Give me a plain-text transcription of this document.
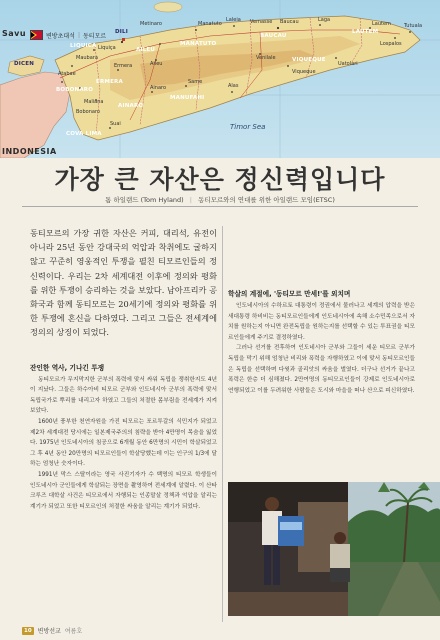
DILI
LIQUICA
AILEU
MANATUTO
BAUCAU
LAUTEM
VIQUEQUE
MANUFAHI
AINARO
BOBONARO
ERMERA
COVA LIMA
DICEN
Maubara
Liquiça
Metinaro	Manatuto
Laleia Vemasse Baucau	Laga
Lautem
Lospalos
Viqueque
Uatolari
Same
Ainaro
Maliana
Suai
Atabae
Ermera	Aileu
Tutuala
Venilale
Alas
Bobonaro
Savu
INDONESIA
Timor Sea
변방초대석 | 동티모르
가장 큰 자산은 정신력입니다
톰 하일랜드 (Tom Hyland) | 동티모르와의 연대를 위한 아일랜드 모임(ETSC)

동티모르의 가장 귀한 자산은 커피, 대리석, 유전이 아니라 25년 동안 강대국의 억압과 착취에도 굴하지 않고 꾸준히 영웅적인 투쟁을 펼친 티모르인들의 정신력이다. 우리는 2차 세계대전 이후에 정의와 평화를 위한 투쟁이 승리하는 것을 보았다. 남아프리카 공화국과 함께 동티모르는 20세기에 정의와 평화를 위한 투쟁에 혼신을 다하였다. 그리고 그들은 전세계에 정의의 상징이 되었다.

잔인한 역사, 기나긴 투쟁

동티모르가 무지막지한 군부의 폭력에 맞서 싸워 독립을 쟁취한지도 4년이 지났다. 그들은 하수아비 티모르 군부와 인도네시아 군부의 폭력에 맞서 독립국가로 뿌리를 내리고자 하였고 그들의 처절한 몸부림을 전세계가 지켜보았다.

1600년 풍부한 천연자원을 가진 티모르는 포르투갈의 식민지가 되었고 제2차 세계대전 당시에는 일본제국주의의 침략을 받아 4만명이 목숨을 잃었다. 1975년 인도네시아의 침공으로 6개월 동안 6만명의 시민이 학살되었고 그 후 4년 동안 20만명의 티모르인들이 학살당했는데 이는 인구의 1/3에 달하는 엄청난 숫자이다.

1991년 막스 스탈이라는 영국 사진기자가 수 백명의 티모르 학생들이 인도네시아 군인들에게 학살되는 장면을 촬영하여 전세계에 알렸다. 이 산타크루즈 대학살 사건은 티모르에서 자행되는 인종말살 정책과 억압을 알리는 계기가 되었고 또한 티모르인의 처절한 싸움을 알리는 계기가 되었다.

학살의 계절에, '동티모르 만세!'를 외치며

인도네시아의 수하르토 대통령이 정권에서 물러나고 세계의 압력을 받은 새대통령 하비비는 동티모르인들에게 인도네시아에 속해 소수민족으로서 자치를 원하는지 아니면 완전독립을 원하는지를 선택할 수 있는 투표권을 티모르인들에게 주기로 결정하였다.

그러나 선거를 전후하여 인도네시아 군부와 그들이 세운 티모르 군부가 독립을 막기 위해 엄청난 비리와 폭력을 자행하였고 이에 맞서 동티모르인들은 독립을 선택하며 다윗과 골리앗의 싸움을 벌였다. 더구나 선거가 끝나고 폭력은 한층 더 심해졌다. 2만여명의 동티모르인들이 강제로 인도네시아로 연행되었고 이를 두려워한 사람들은 도시와 마을을 떠나 산으로 피신하였다.

10	변방선교 여름호
